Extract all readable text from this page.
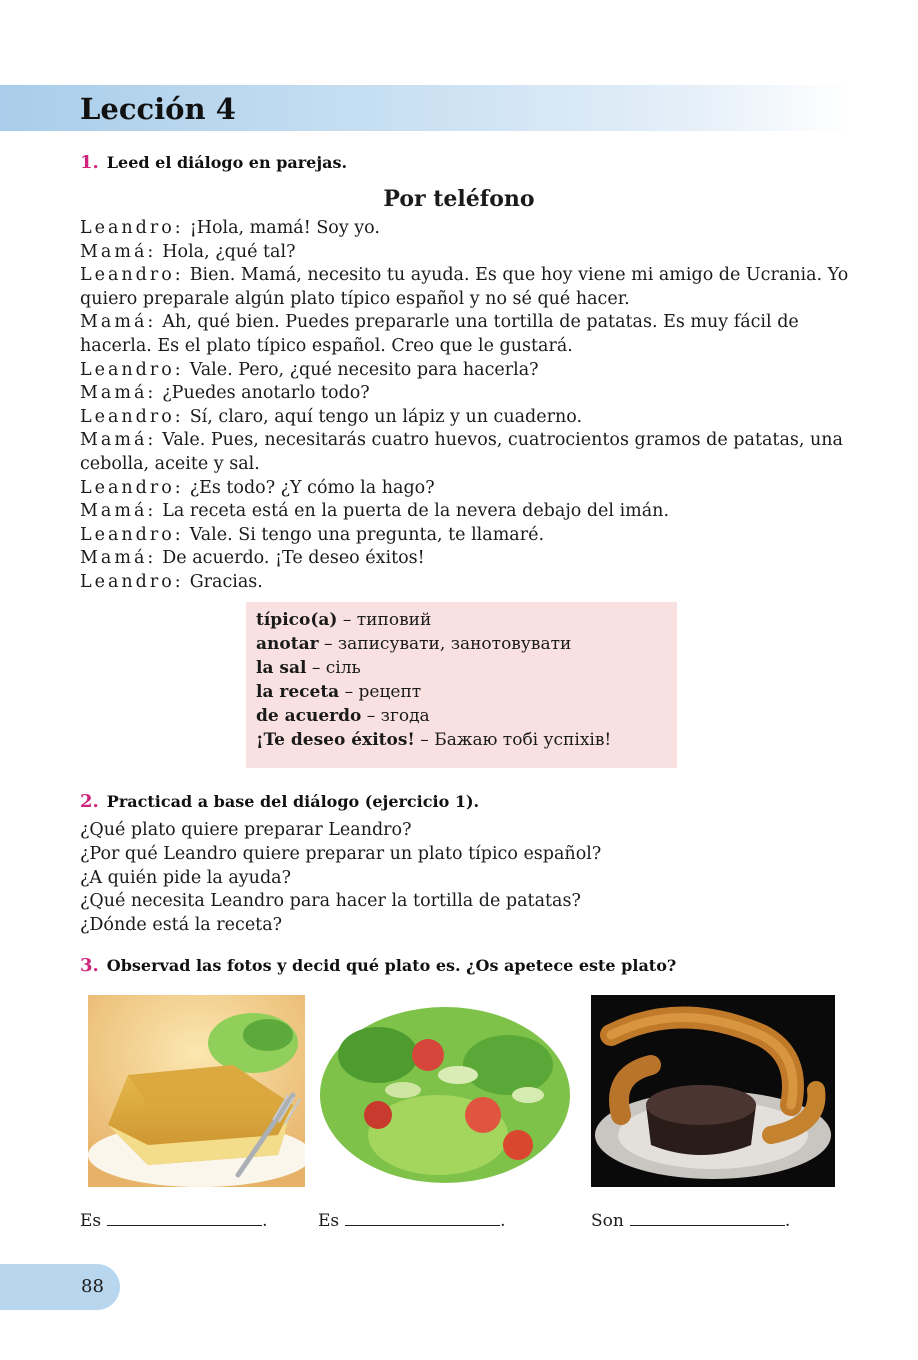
Lección 4

1. Leed el diálogo en parejas.

Por teléfono

Leandro: ¡Hola, mamá! Soy yo.

Mamá: Hola, ¿qué tal?

Leandro: Bien. Mamá, necesito tu ayuda. Es que hoy viene mi amigo de Ucrania. Yo quiero preparale algún plato típico español y no sé qué hacer.

Mamá: Ah, qué bien. Puedes prepararle una tortilla de patatas. Es muy fácil de hacerla. Es el plato típico español. Creo que le gustará.

Leandro: Vale. Pero, ¿qué necesito para hacerla?

Mamá: ¿Puedes anotarlo todo?

Leandro: Sí, claro, aquí tengo un lápiz y un cuaderno.

Mamá: Vale. Pues, necesitarás cuatro huevos, cuatrocientos gramos de patatas, una cebolla, aceite y sal.

Leandro: ¿Es todo? ¿Y cómo la hago?

Mamá: La receta está en la puerta de la nevera debajo del imán.

Leandro: Vale. Si tengo una pregunta, te llamaré.

Mamá: De acuerdo. ¡Te deseo éxitos!

Leandro: Gracias.

típico(a) – типовий
anotar – записувати, занотовувати
la sal – сіль
la receta – рецепт
de acuerdo – згода
¡Te deseo éxitos! – Бажаю тобі успіхів!

2. Practicad a base del diálogo (ejercicio 1).

¿Qué plato quiere preparar Leandro?

¿Por qué Leandro quiere preparar un plato típico español?

¿A quién pide la ayuda?

¿Qué necesita Leandro para hacer la tortilla de patatas?

¿Dónde está la receta?

3. Observad las fotos y decid qué plato es. ¿Os apetece este plato?

Es	.	Es	.	Son	.

88
